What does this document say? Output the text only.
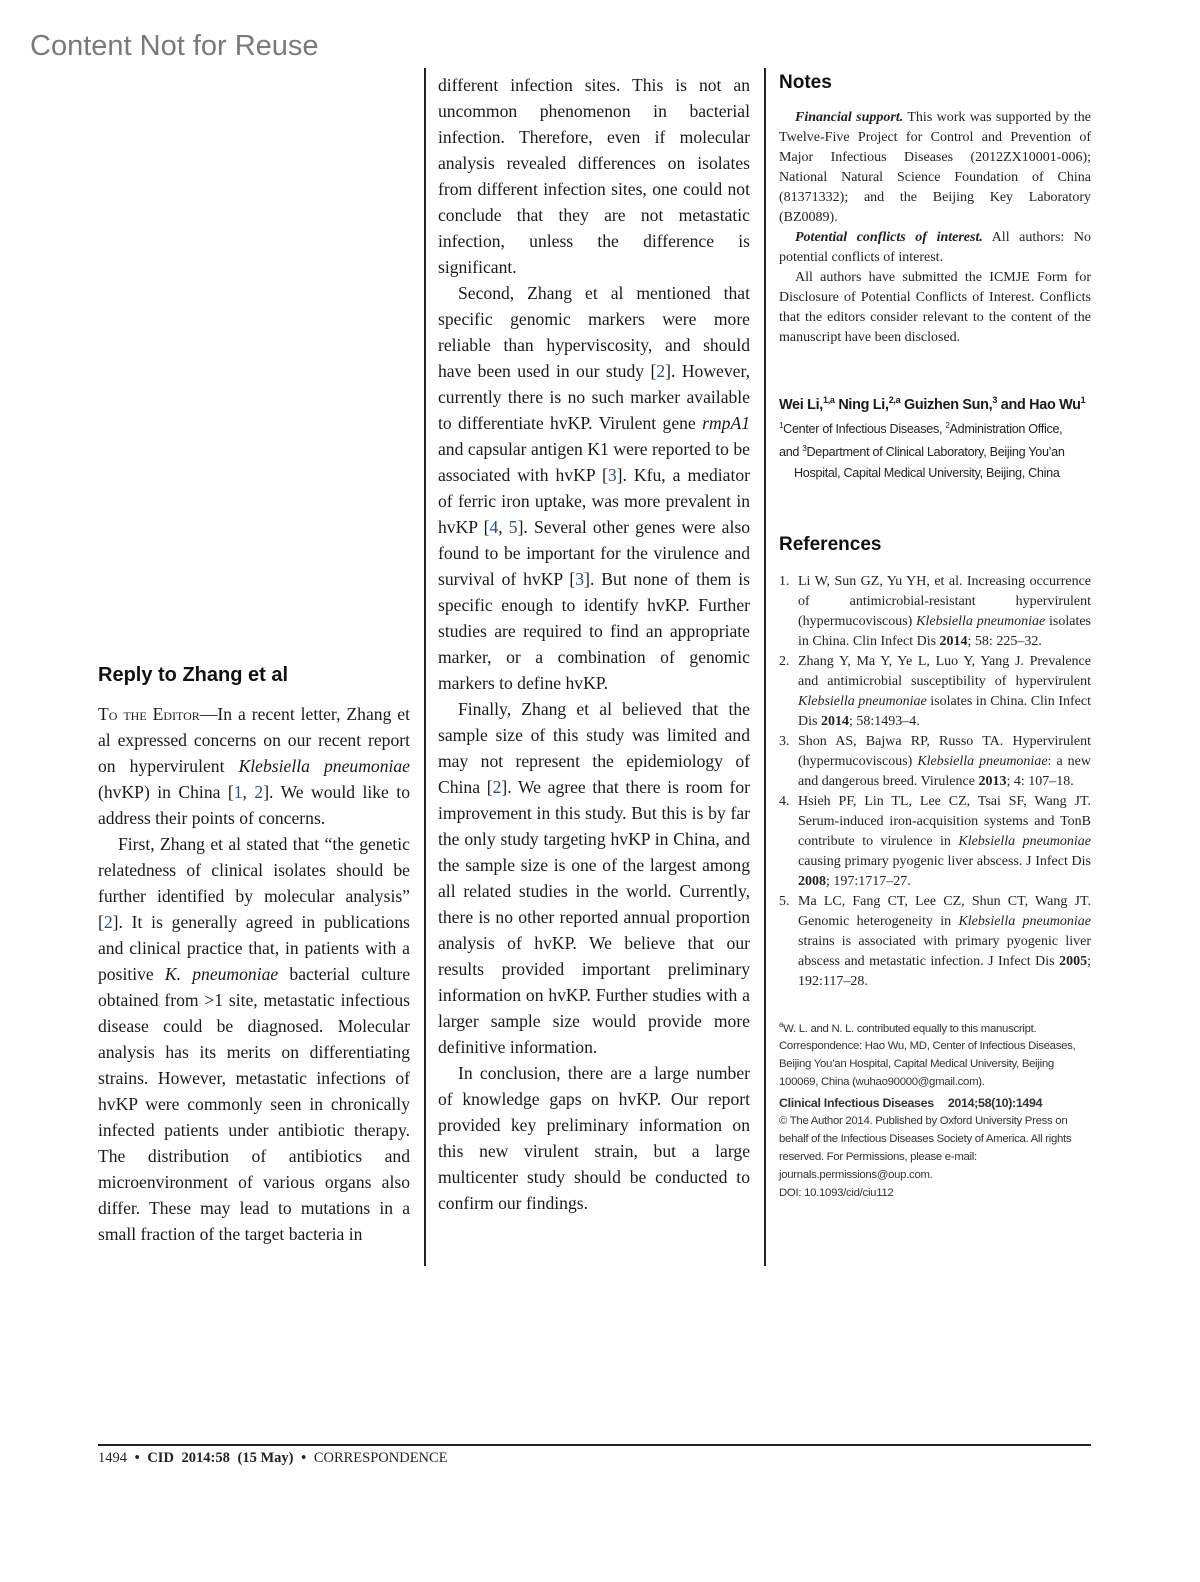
Content Not for Reuse
Reply to Zhang et al

To the Editor—In a recent letter, Zhang et al expressed concerns on our recent report on hypervirulent Klebsiella pneumoniae (hvKP) in China [1, 2]. We would like to address their points of concerns.

First, Zhang et al stated that “the genetic relatedness of clinical isolates should be further identified by molecular analysis” [2]. It is generally agreed in publications and clinical practice that, in patients with a positive K. pneumoniae bacterial culture obtained from >1 site, metastatic infectious disease could be diagnosed. Molecular analysis has its merits on differentiating strains. However, metastatic infections of hvKP were commonly seen in chronically infected patients under antibiotic therapy. The distribution of antibiotics and microenvironment of various organs also differ. These may lead to mutations in a small fraction of the target bacteria in

different infection sites. This is not an uncommon phenomenon in bacterial infection. Therefore, even if molecular analysis revealed differences on isolates from different infection sites, one could not conclude that they are not metastatic infection, unless the difference is significant.

Second, Zhang et al mentioned that specific genomic markers were more reliable than hyperviscosity, and should have been used in our study [2]. However, currently there is no such marker available to differentiate hvKP. Virulent gene rmpA1 and capsular antigen K1 were reported to be associated with hvKP [3]. Kfu, a mediator of ferric iron uptake, was more prevalent in hvKP [4, 5]. Several other genes were also found to be important for the virulence and survival of hvKP [3]. But none of them is specific enough to identify hvKP. Further studies are required to find an appropriate marker, or a combination of genomic markers to define hvKP.

Finally, Zhang et al believed that the sample size of this study was limited and may not represent the epidemiology of China [2]. We agree that there is room for improvement in this study. But this is by far the only study targeting hvKP in China, and the sample size is one of the largest among all related studies in the world. Currently, there is no other reported annual proportion analysis of hvKP. We believe that our results provided important preliminary information on hvKP. Further studies with a larger sample size would provide more definitive information.

In conclusion, there are a large number of knowledge gaps on hvKP. Our report provided key preliminary information on this new virulent strain, but a large multicenter study should be conducted to confirm our findings.

Notes

Financial support. This work was supported by the Twelve-Five Project for Control and Prevention of Major Infectious Diseases (2012ZX10001-006); National Natural Science Foundation of China (81371332); and the Beijing Key Laboratory (BZ0089).

Potential conflicts of interest. All authors: No potential conflicts of interest.

All authors have submitted the ICMJE Form for Disclosure of Potential Conflicts of Interest. Conflicts that the editors consider relevant to the content of the manuscript have been disclosed.

Wei Li,$^{1,a}$ Ning Li,$^{2,a}$ Guizhen Sun,$^3$ and Hao Wu$^1$

$^1$Center of Infectious Diseases, $^2$Administration Office,

and $^3$Department of Clinical Laboratory, Beijing You’an

Hospital, Capital Medical University, Beijing, China

References
1. Li W, Sun GZ, Yu YH, et al. Increasing occurrence of antimicrobial-resistant hypervirulent (hypermucoviscous) Klebsiella pneumoniae isolates in China. Clin Infect Dis 2014; 58: 225–32.
2. Zhang Y, Ma Y, Ye L, Luo Y, Yang J. Prevalence and antimicrobial susceptibility of hypervirulent Klebsiella pneumoniae isolates in China. Clin Infect Dis 2014; 58:1493–4.
3. Shon AS, Bajwa RP, Russo TA. Hypervirulent (hypermucoviscous) Klebsiella pneumoniae: a new and dangerous breed. Virulence 2013; 4: 107–18.
4. Hsieh PF, Lin TL, Lee CZ, Tsai SF, Wang JT. Serum-induced iron-acquisition systems and TonB contribute to virulence in Klebsiella pneumoniae causing primary pyogenic liver abscess. J Infect Dis 2008; 197:1717–27.
5. Ma LC, Fang CT, Lee CZ, Shun CT, Wang JT. Genomic heterogeneity in Klebsiella pneumoniae strains is associated with primary pyogenic liver abscess and metastatic infection. J Infect Dis 2005; 192:117–28.

$^a$W. L. and N. L. contributed equally to this manuscript.

Correspondence: Hao Wu, MD, Center of Infectious Diseases, Beijing You’an Hospital, Capital Medical University, Beijing 100069, China (wuhao90000@gmail.com).

Clinical Infectious Diseases 2014;58(10):1494

© The Author 2014. Published by Oxford University Press on behalf of the Infectious Diseases Society of America. All rights reserved. For Permissions, please e-mail: journals.permissions@oup.com.

DOI: 10.1093/cid/ciu112

1494 • CID 2014:58 (15 May) • CORRESPONDENCE
